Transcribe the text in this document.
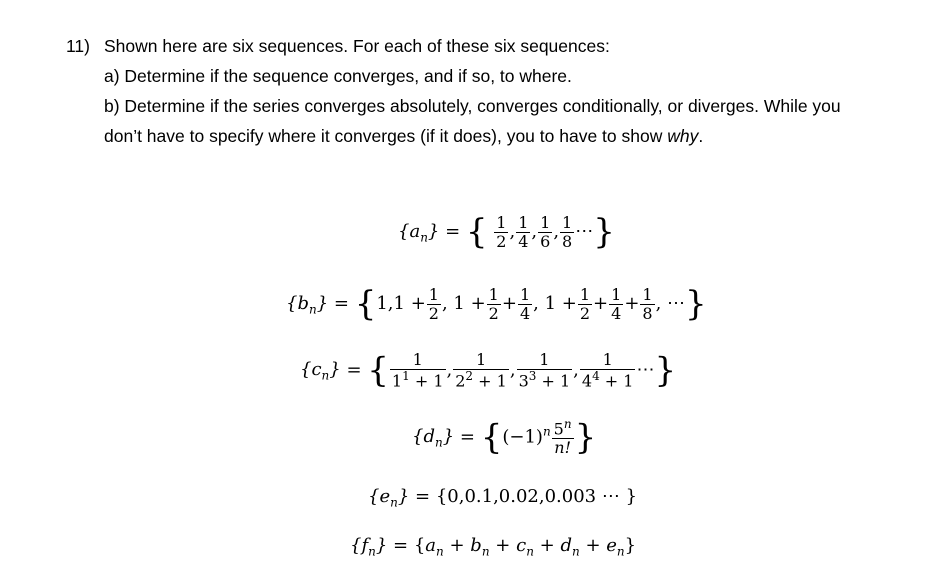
11) Shown here are six sequences. For each of these six sequences:
a) Determine if the sequence converges, and if so, to where.
b) Determine if the series converges absolutely, converges conditionally, or diverges. While you
don’t have to specify where it converges (if it does), you to have to show why.
$\{a_n\}$ = { $\frac{1}{2}$ , $\frac{1}{4}$ , $\frac{1}{6}$ , $\frac{1}{8}$ ⋯}
$\{b_n\} = \{1,1 + \frac{1}{2}$ , $1 + \frac{1}{2} + \frac{1}{4}$ , $1 + \frac{1}{2} + \frac{1}{4} + \frac{1}{8}$ , ⋯}
$\{c_n\}$ = { $\frac{1}{1^1 + 1}$ , $\frac{1}{2^2 + 1}$ , $\frac{1}{3^3 + 1}$ , $\frac{1}{4^4 + 1}$ ⋯}
$\{d_n\} = \{(-1)^n \frac{5^n}{n!}$ }
$\{e_n\} = \{0,0.1,0.02,0.003$ ⋯ }
$\{f_n\} = \{a_n + b_n + c_n + d_n + e_n\}$
